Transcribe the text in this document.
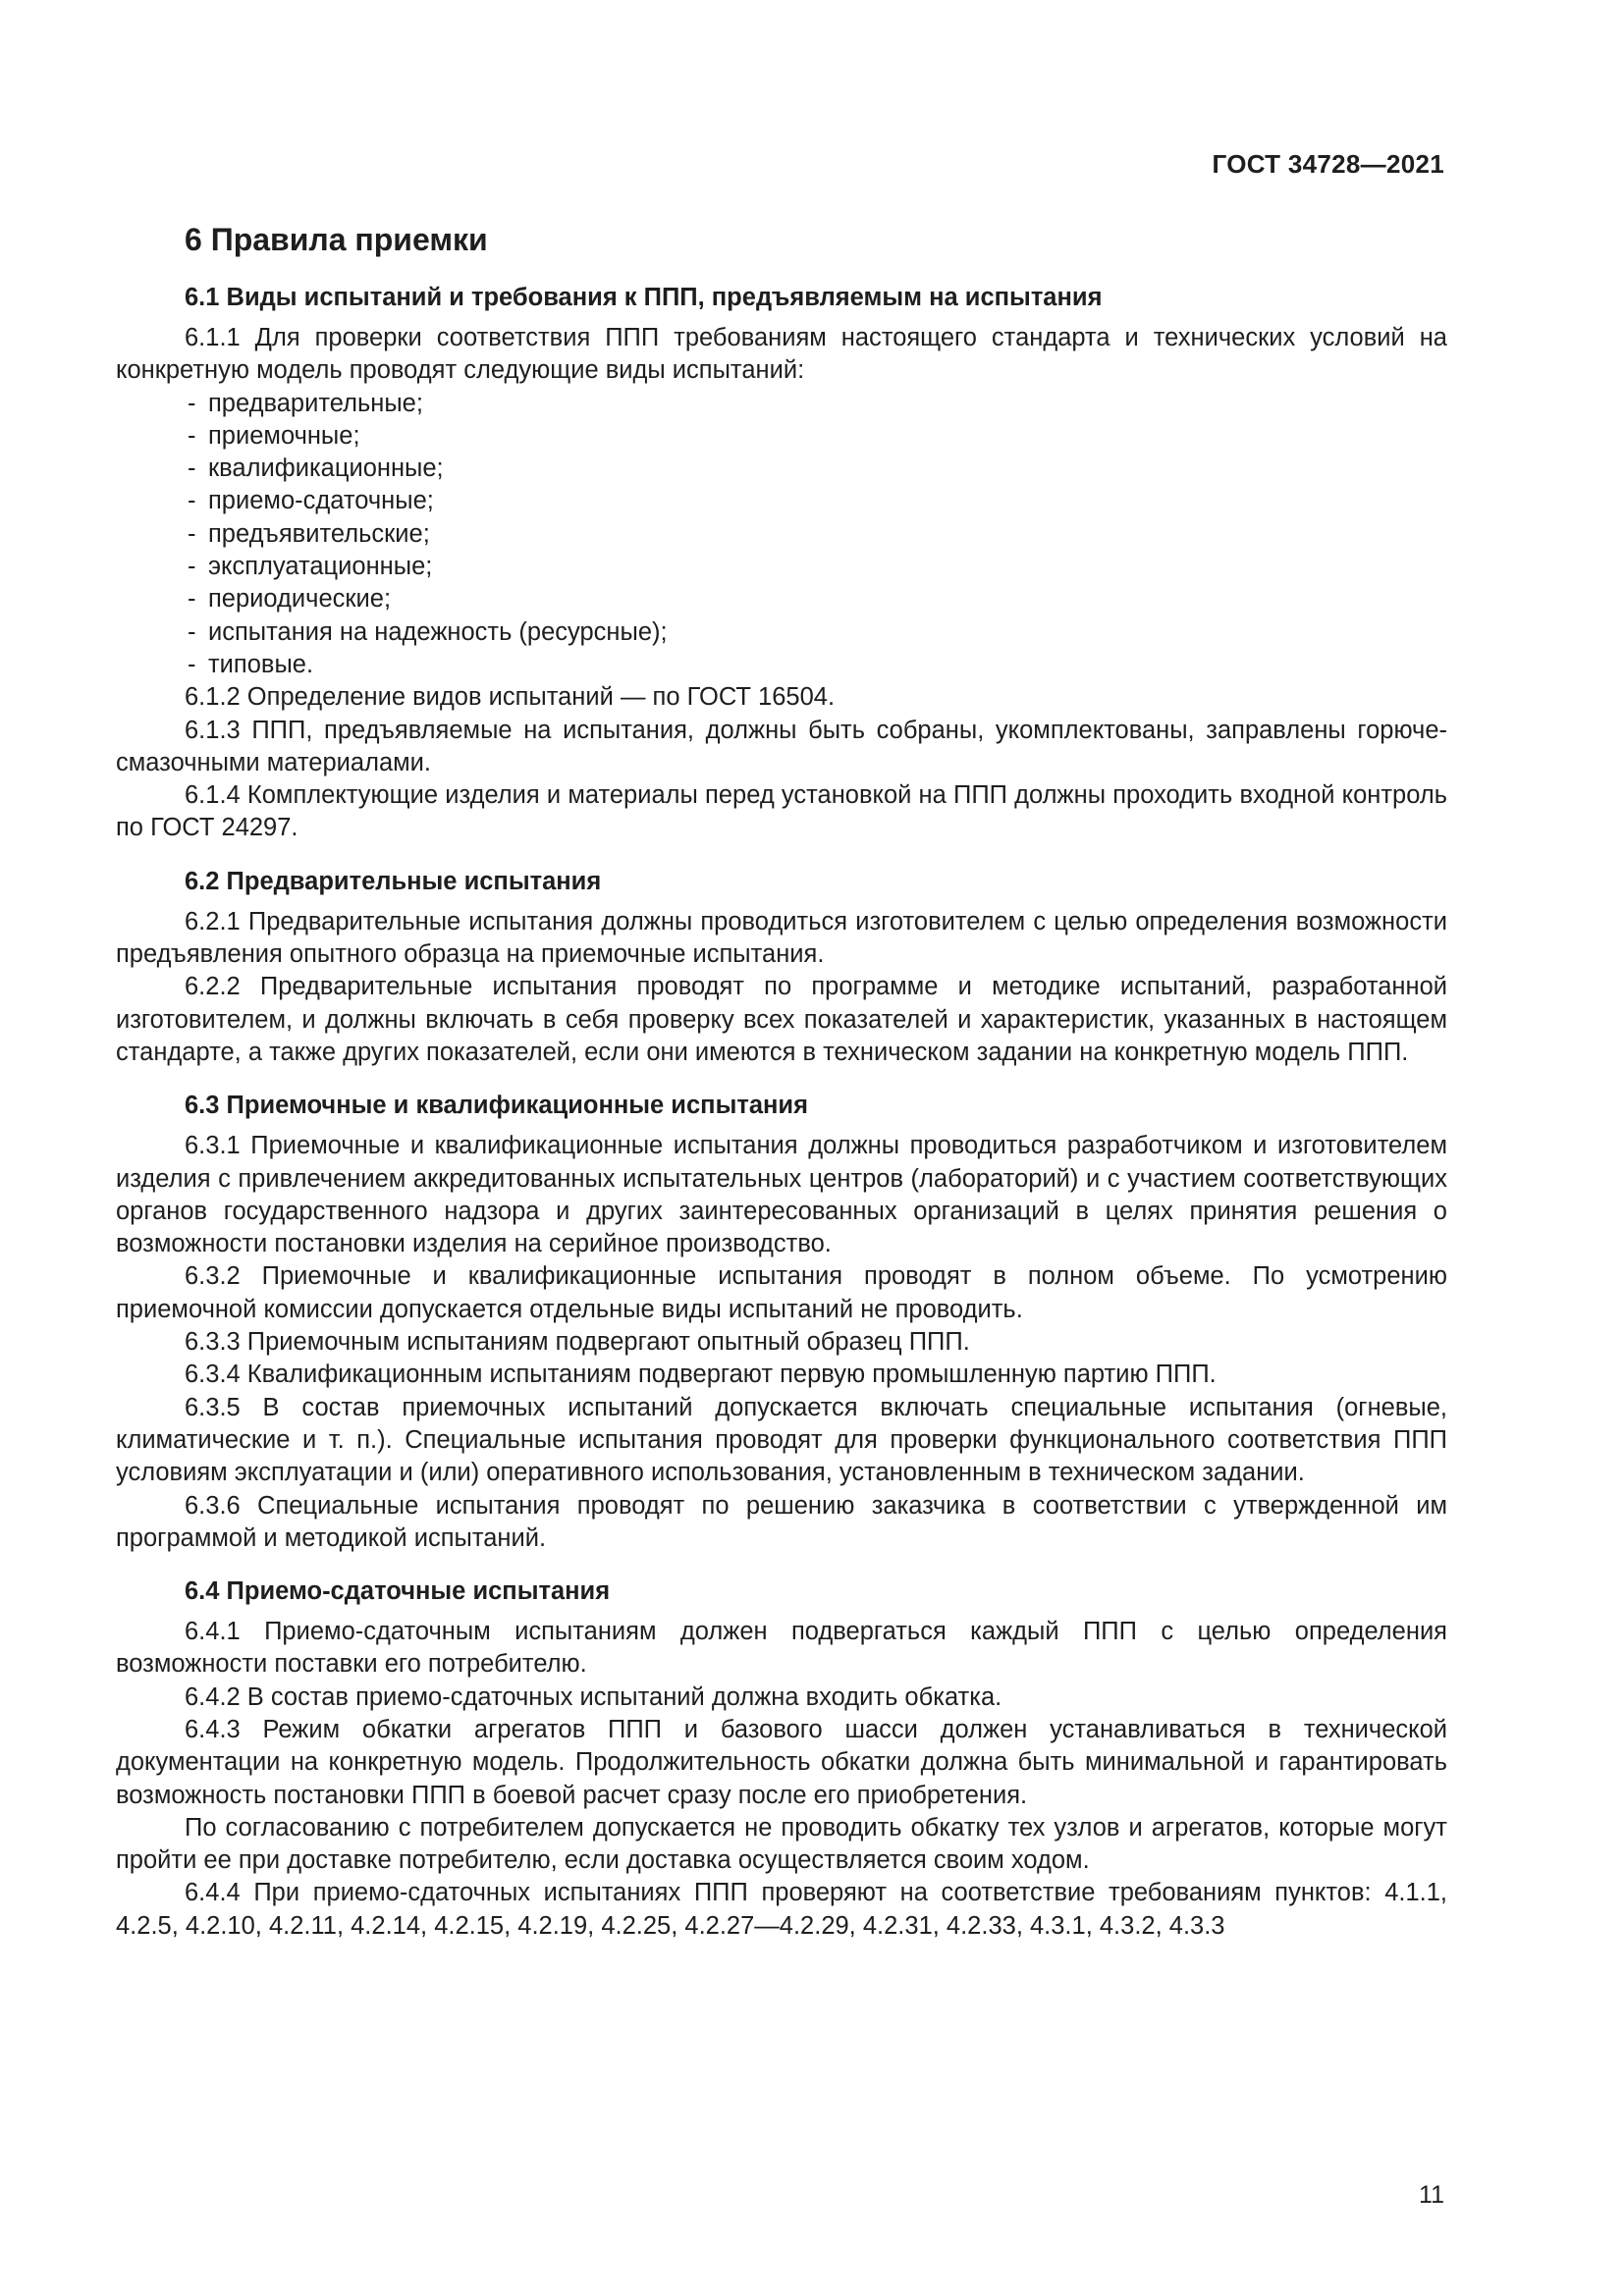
ГОСТ 34728—2021
6 Правила приемки
6.1 Виды испытаний и требования к ППП, предъявляемым на испытания

6.1.1 Для проверки соответствия ППП требованиям настоящего стандарта и технических условий на конкретную модель проводят следующие виды испытаний:

- предварительные;
- приемочные;
- квалификационные;
- приемо-сдаточные;
- предъявительские;
- эксплуатационные;
- периодические;
- испытания на надежность (ресурсные);
- типовые.

6.1.2 Определение видов испытаний — по ГОСТ 16504.

6.1.3 ППП, предъявляемые на испытания, должны быть собраны, укомплектованы, заправлены горюче-смазочными материалами.

6.1.4 Комплектующие изделия и материалы перед установкой на ППП должны проходить входной контроль по ГОСТ 24297.

6.2 Предварительные испытания

6.2.1 Предварительные испытания должны проводиться изготовителем с целью определения возможности предъявления опытного образца на приемочные испытания.

6.2.2 Предварительные испытания проводят по программе и методике испытаний, разработанной изготовителем, и должны включать в себя проверку всех показателей и характеристик, указанных в настоящем стандарте, а также других показателей, если они имеются в техническом задании на конкретную модель ППП.

6.3 Приемочные и квалификационные испытания

6.3.1 Приемочные и квалификационные испытания должны проводиться разработчиком и изготовителем изделия с привлечением аккредитованных испытательных центров (лабораторий) и с участием соответствующих органов государственного надзора и других заинтересованных организаций в целях принятия решения о возможности постановки изделия на серийное производство.

6.3.2 Приемочные и квалификационные испытания проводят в полном объеме. По усмотрению приемочной комиссии допускается отдельные виды испытаний не проводить.

6.3.3 Приемочным испытаниям подвергают опытный образец ППП.

6.3.4 Квалификационным испытаниям подвергают первую промышленную партию ППП.

6.3.5 В состав приемочных испытаний допускается включать специальные испытания (огневые, климатические и т. п.). Специальные испытания проводят для проверки функционального соответствия ППП условиям эксплуатации и (или) оперативного использования, установленным в техническом задании.

6.3.6 Специальные испытания проводят по решению заказчика в соответствии с утвержденной им программой и методикой испытаний.

6.4 Приемо-сдаточные испытания

6.4.1 Приемо-сдаточным испытаниям должен подвергаться каждый ППП с целью определения возможности поставки его потребителю.

6.4.2 В состав приемо-сдаточных испытаний должна входить обкатка.

6.4.3 Режим обкатки агрегатов ППП и базового шасси должен устанавливаться в технической документации на конкретную модель. Продолжительность обкатки должна быть минимальной и гарантировать возможность постановки ППП в боевой расчет сразу после его приобретения.

По согласованию с потребителем допускается не проводить обкатку тех узлов и агрегатов, которые могут пройти ее при доставке потребителю, если доставка осуществляется своим ходом.

6.4.4 При приемо-сдаточных испытаниях ППП проверяют на соответствие требованиям пунктов: 4.1.1, 4.2.5, 4.2.10, 4.2.11, 4.2.14, 4.2.15, 4.2.19, 4.2.25, 4.2.27—4.2.29, 4.2.31, 4.2.33, 4.3.1, 4.3.2, 4.3.3

11
